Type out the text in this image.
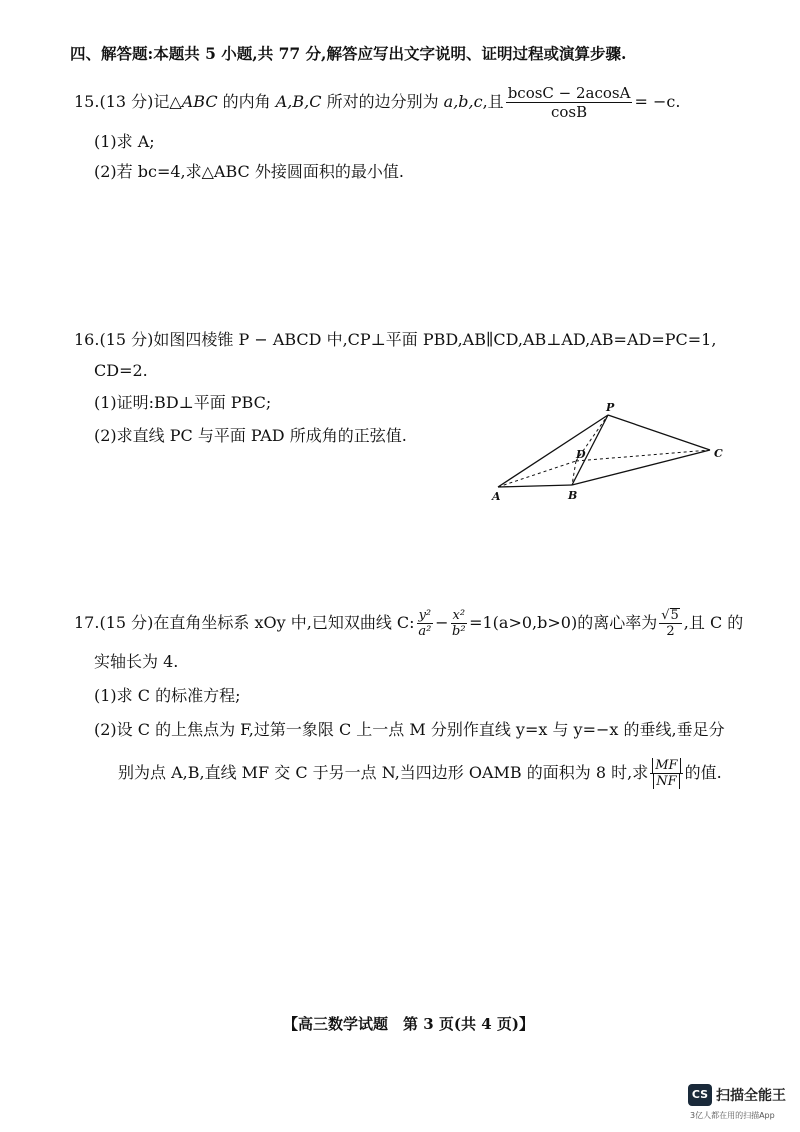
四、解答题:本题共 5 小题,共 77 分,解答应写出文字说明、证明过程或演算步骤.
15.(13 分)记△ABC 的内角 A,B,C 所对的边分别为 a,b,c,且 $\frac{bcosC - 2acosA}{\cos B} = -c$.
(1)求 A;
(2)若 bc=4,求△ABC 外接圆面积的最小值.
16.(15 分)如图四棱锥 P − ABCD 中,CP⊥平面 PBD,AB∥CD,AB⊥AD,AB=AD=PC=1,
CD=2.
(1)证明:BD⊥平面 PBC;
(2)求直线 PC 与平面 PAD 所成角的正弦值.
P
A	B
C
D
17.(15 分)在直角坐标系 xOy 中,已知双曲线 C: $\frac{\text{y²}}{\text{a²}} - \frac{\text{x²}}{\text{b²}} =1(a>0,b>0)$的离心率为 $\frac{√5}{2}$ ,且 C 的
实轴长为 4.
(1)求 C 的标准方程;
(2)设 C 的上焦点为 F,过第一象限 C 上一点 M 分别作直线 y=x 与 y=−x 的垂线,垂足分
别为点 A,B,直线 MF 交 C 于另一点 N,当四边形 OAMB 的面积为 8 时,求 $\frac{MF}{NF}$ 的值.
【高三数学试题　第 3 页(共 4 页)】
CS 扫描全能王
3亿人都在用的扫描App
